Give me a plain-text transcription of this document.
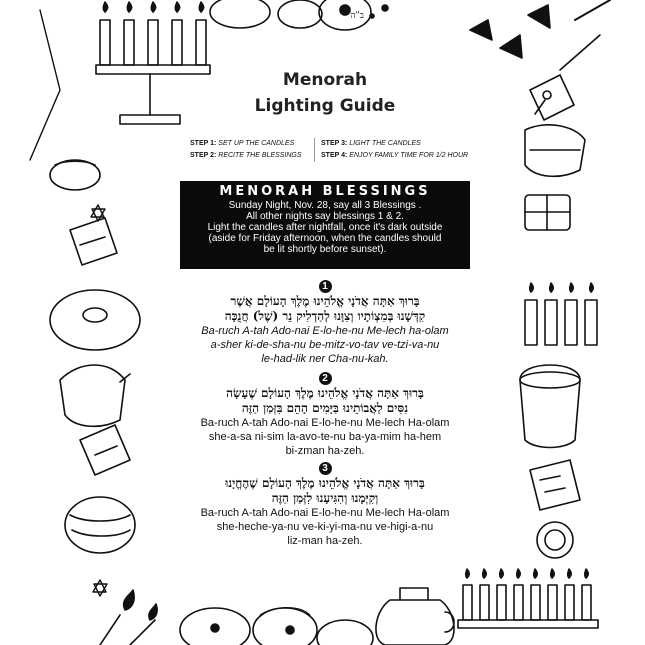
ב"ה
Menorah
Lighting Guide
STEP 1: SET UP THE CANDLES
STEP 2: RECITE THE BLESSINGS
STEP 3: LIGHT THE CANDLES
STEP 4: ENJOY FAMILY TIME FOR 1/2 HOUR
MENORAH BLESSINGS
Sunday Night, Nov. 28, say all 3 Blessings .
All other nights say blessings 1 & 2.
Light the candles after nightfall, once it's dark outside
(aside for Friday afternoon, when the candles should
be lit shortly before sunset).
1
בָּרוּךְ אַתָּה אֲדֹנָי אֱלֹהֵינוּ מֶלֶךְ הָעוֹלָם אֲשֶׁר
קִדְּשָׁנוּ בְּמִצְוֹתָיו וְצִוָּנוּ לְהַדְלִיק נֵר (שֶׁל) חֲנֻכָּה
Ba-ruch A-tah Ado-nai E-lo-he-nu Me-lech ha-olam
a-sher ki-de-sha-nu be-mitz-vo-tav ve-tzi-va-nu
le-had-lik ner Cha-nu-kah.
2
בָּרוּךְ אַתָּה אֲדֹנָי אֱלֹהֵינוּ מֶלֶךְ הָעוֹלָם שֶׁעָשָׂה
נִסִּים לַאֲבוֹתֵינוּ בַּיָּמִים הָהֵם בִּזְּמַן הַזֶּה
Ba-ruch A-tah Ado-nai E-lo-he-nu Me-lech Ha-olam
she-a-sa ni-sim la-avo-te-nu ba-ya-mim ha-hem
bi-zman ha-zeh.
3
בָּרוּךְ אַתָּה אֲדֹנָי אֱלֹהֵינוּ מֶלֶךְ הָעוֹלָם שֶׁהֶחֱיָנוּ
וְקִיְּמָנוּ וְהִגִּיעָנוּ לִזְּמַן הַזֶּה
Ba-ruch A-tah Ado-nai E-lo-he-nu Me-lech Ha-olam
she-heche-ya-nu ve-ki-yi-ma-nu ve-higi-a-nu
liz-man ha-zeh.
